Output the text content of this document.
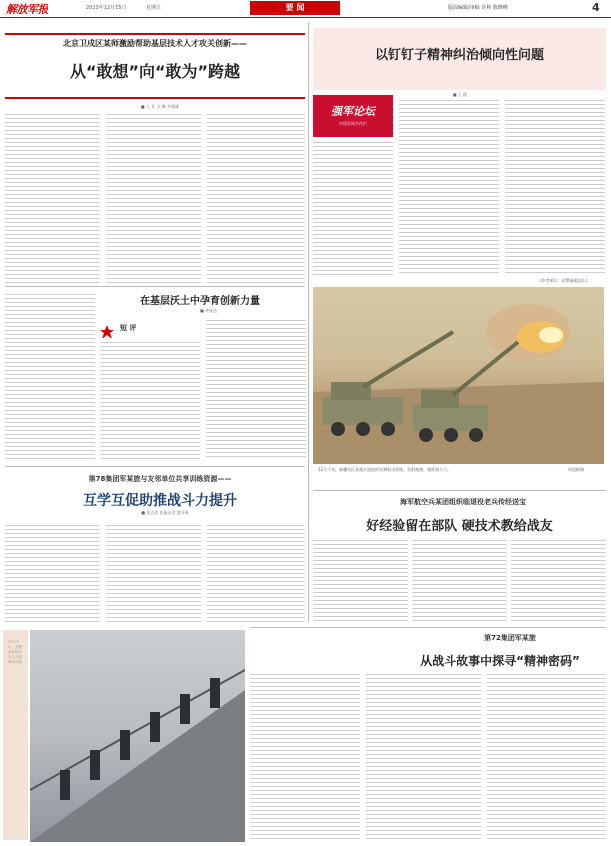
解放军报	2023年12月15日	星期五	要 闻	版面编辑/审稿 许林 陈晓峰	4
北京卫戍区某师激励帮助基层技术人才攻关创新——
从“敢想”向“敢为”跨越
■ 王 亚 关 峰 尹震雄
以钉钉子精神纠治倾向性问题
■ 王 鸥
强军论坛
中国军网共作栏
(作者单位：武警福建总队)
12月下旬，新疆军区某炮兵旅组织实弹射击训练，发射炮弹，锤炼战斗力。	周祖栋摄
在基层沃土中孕育创新力量
■ 李星达
短 评
第78集团军某旅与友邻单位共享训练资源——
互学互促助推战斗力提升
■ 张志武 张振山君 梁开燕
海军航空兵某团组织临退役老兵传经送宝
好经验留在部队 硬技术教给战友
12月中旬，武警某部组织官兵开展攀登训练
第72集团军某旅
从战斗故事中探寻“精神密码”
